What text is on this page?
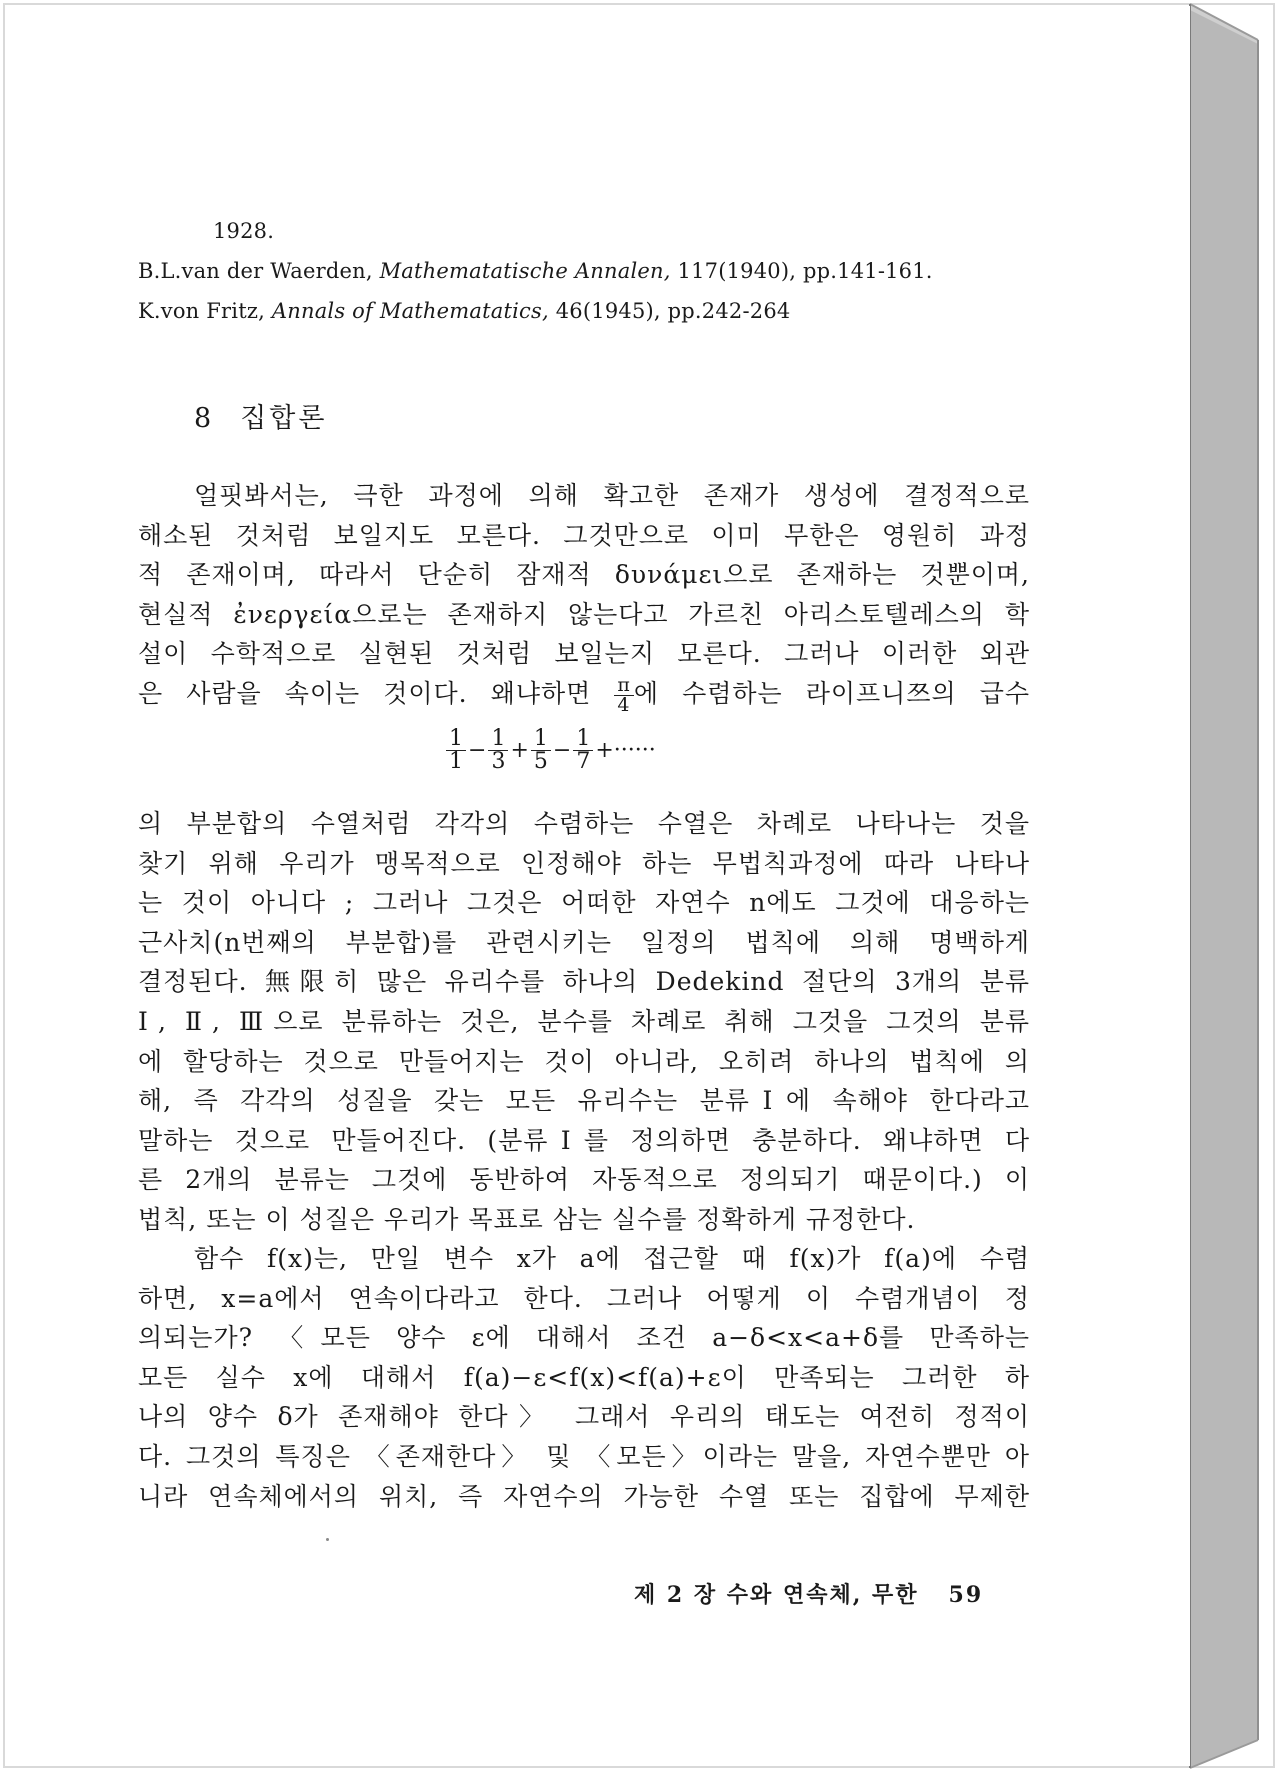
1928.
B.L.van der Waerden, Mathematatische Annalen, 117(1940), pp.141-161.
K.von Fritz, Annals of Mathematatics, 46(1945), pp.242-264
8 집합론
얼핏봐서는, 극한 과정에 의해 확고한 존재가 생성에 결정적으로
해소된 것처럼 보일지도 모른다. 그것만으로 이미 무한은 영원히 과정
적 존재이며, 따라서 단순히 잠재적 δυνάμει으로 존재하는 것뿐이며,
현실적 ἐνεργεία으로는 존재하지 않는다고 가르친 아리스토텔레스의 학
설이 수학적으로 실현된 것처럼 보일는지 모른다. 그러나 이러한 외관
은 사람을 속이는 것이다. 왜냐하면 $\frac{\pi}{4}$ 에 수렴하는 라이프니쯔의 급수
$\frac{1}{1} - \frac{1}{3} + \frac{1}{5} - \frac{1}{7}$ +······
의 부분합의 수열처럼 각각의 수렴하는 수열은 차례로 나타나는 것을
찾기 위해 우리가 맹목적으로 인정해야 하는 무법칙과정에 따라 나타나
는 것이 아니다 ; 그러나 그것은 어떠한 자연수 n에도 그것에 대응하는
근사치(n번째의 부분합)를 관련시키는 일정의 법칙에 의해 명백하게
결정된다. 無限히 많은 유리수를 하나의 Dedekind 절단의 3개의 분류
Ⅰ, Ⅱ, Ⅲ으로 분류하는 것은, 분수를 차례로 취해 그것을 그것의 분류
에 할당하는 것으로 만들어지는 것이 아니라, 오히려 하나의 법칙에 의
해, 즉 각각의 성질을 갖는 모든 유리수는 분류Ⅰ에 속해야 한다라고
말하는 것으로 만들어진다. (분류Ⅰ를 정의하면 충분하다. 왜냐하면 다
른 2개의 분류는 그것에 동반하여 자동적으로 정의되기 때문이다.) 이
법칙, 또는 이 성질은 우리가 목표로 삼는 실수를 정확하게 규정한다.
함수 f(x)는, 만일 변수 x가 a에 접근할 때 f(x)가 f(a)에 수렴
하면, x=a에서 연속이다라고 한다. 그러나 어떻게 이 수렴개념이 정
의되는가? 〈모든 양수 ε에 대해서 조건 a−δ<x<a+δ를 만족하는
모든 실수 x에 대해서 f(a)−ε<f(x)<f(a)+ε이 만족되는 그러한 하
나의 양수 δ가 존재해야 한다〉 그래서 우리의 태도는 여전히 정적이
다. 그것의 특징은 〈존재한다〉 및 〈모든〉이라는 말을, 자연수뿐만 아
니라 연속체에서의 위치, 즉 자연수의 가능한 수열 또는 집합에 무제한
제 2 장 수와 연속체, 무한 59
